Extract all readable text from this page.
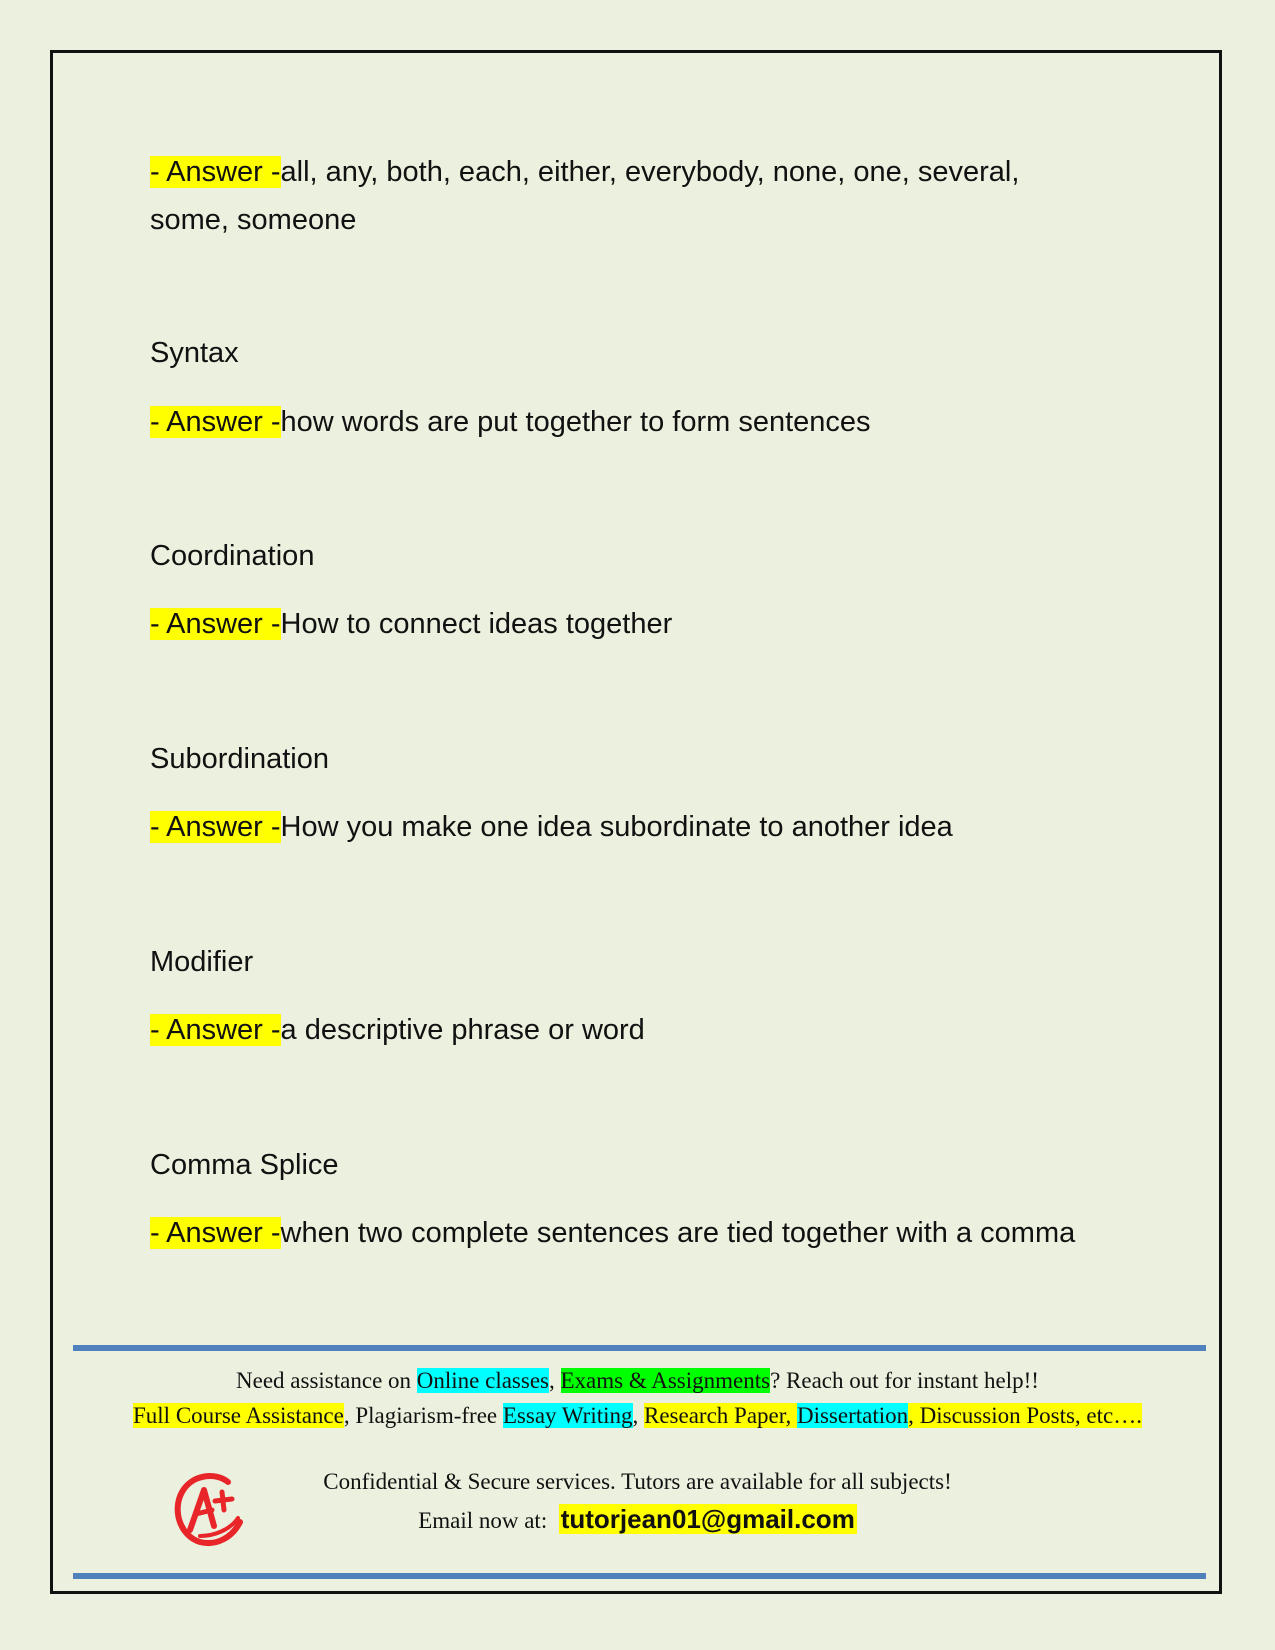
- Answer -all, any, both, each, either, everybody, none, one, several, some, someone
Syntax
- Answer -how words are put together to form sentences
Coordination
- Answer -How to connect ideas together
Subordination
- Answer -How you make one idea subordinate to another idea
Modifier
- Answer -a descriptive phrase or word
Comma Splice
- Answer -when two complete sentences are tied together with a comma
Need assistance on Online classes, Exams & Assignments? Reach out for instant help!!
Full Course Assistance, Plagiarism-free Essay Writing, Research Paper, Dissertation, Discussion Posts, etc….
Confidential & Secure services. Tutors are available for all subjects!
Email now at:  tutorjean01@gmail.com
